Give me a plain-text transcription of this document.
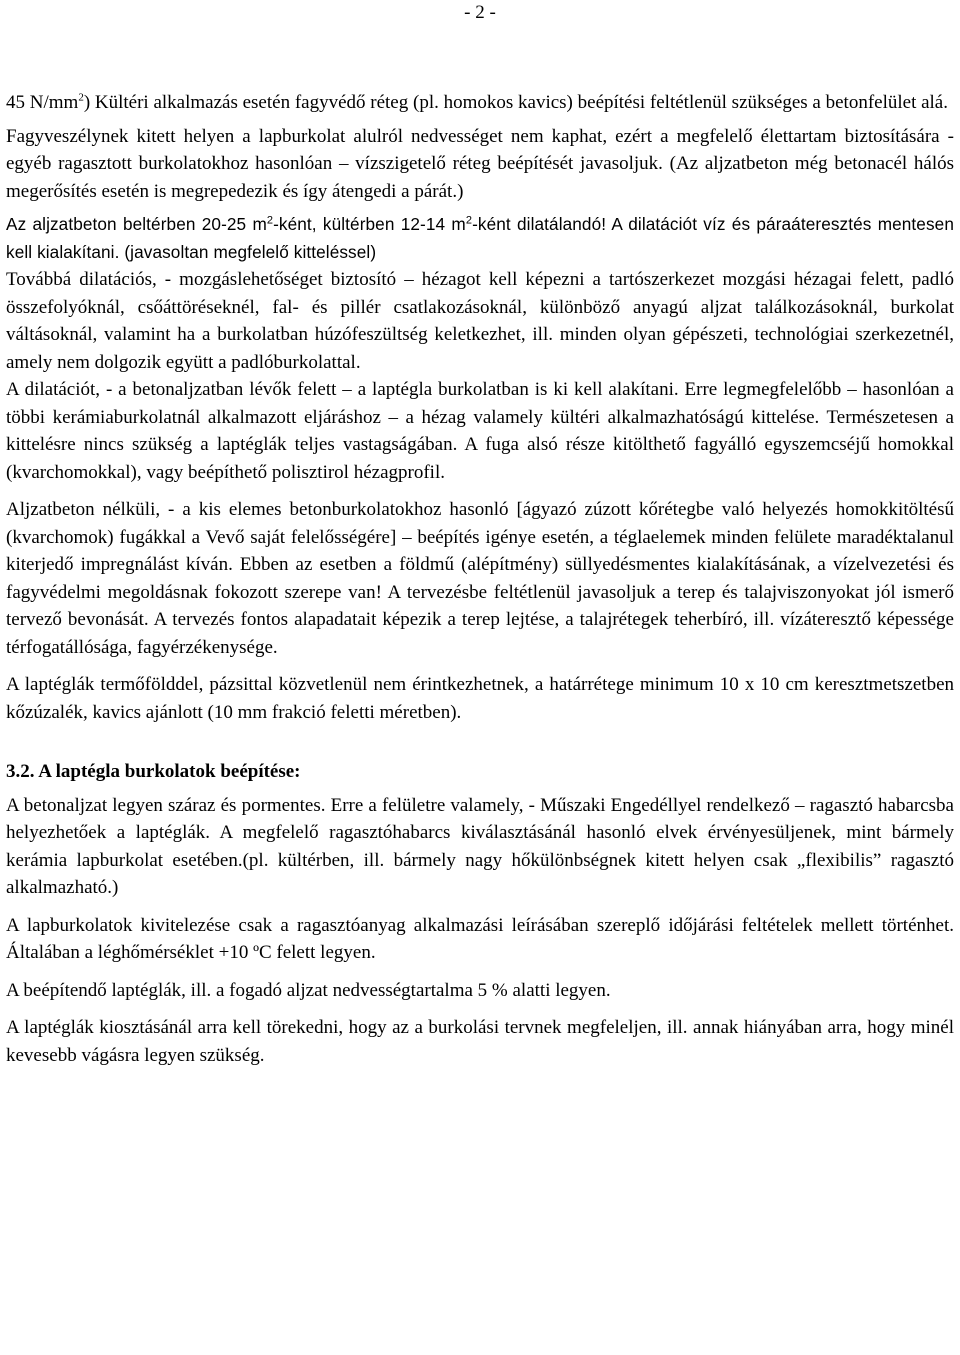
- 2 -

45 $N/mm^2$) Kültéri alkalmazás esetén fagyvédő réteg (pl. homokos kavics) beépítési feltétlenül szükséges a betonfelület alá.

Fagyveszélynek kitett helyen a lapburkolat alulról nedvességet nem kaphat, ezért a megfelelő élettartam biztosítására - egyéb ragasztott burkolatokhoz hasonlóan – vízszigetelő réteg beépítését javasoljuk. (Az aljzatbeton még betonacél hálós megerősítés esetén is megrepedezik és így átengedi a párát.)

Az aljzatbeton beltérben 20-25 $m^2$-ként, kültérben 12-14 $m^2$-ként dilatálandó! A dilatációt víz és páraáteresztés mentesen kell kialakítani. (javasoltan megfelelő kitteléssel)

Továbbá dilatációs, - mozgáslehetőséget biztosító – hézagot kell képezni a tartószerkezet mozgási hézagai felett, padló összefolyóknál, csőáttöréseknél, fal- és pillér csatlakozásoknál, különböző anyagú aljzat találkozásoknál, burkolat váltásoknál, valamint ha a burkolatban húzófeszültség keletkezhet, ill. minden olyan gépészeti, technológiai szerkezetnél, amely nem dolgozik együtt a padlóburkolattal.

A dilatációt, - a betonaljzatban lévők felett – a laptégla burkolatban is ki kell alakítani. Erre legmegfelelőbb – hasonlóan a többi kerámiaburkolatnál alkalmazott eljáráshoz – a hézag valamely kültéri alkalmazhatóságú kittelése. Természetesen a kittelésre nincs szükség a laptéglák teljes vastagságában. A fuga alsó része kitölthető fagyálló egyszemcséjű homokkal (kvarchomokkal), vagy beépíthető polisztirol hézagprofil.

Aljzatbeton nélküli, - a kis elemes betonburkolatokhoz hasonló [ágyazó zúzott kőrétegbe való helyezés homokkitöltésű (kvarchomok) fugákkal a Vevő saját felelősségére] – beépítés igénye esetén, a téglaelemek minden felülete maradéktalanul kiterjedő impregnálást kíván. Ebben az esetben a földmű (alépítmény) süllyedésmentes kialakításának, a vízelvezetési és fagyvédelmi megoldásnak fokozott szerepe van! A tervezésbe feltétlenül javasoljuk a terep és talajviszonyokat jól ismerő tervező bevonását. A tervezés fontos alapadatait képezik a terep lejtése, a talajrétegek teherbíró, ill. vízáteresztő képessége térfogatállósága, fagyérzékenysége.

A laptéglák termőfölddel, pázsittal közvetlenül nem érintkezhetnek, a határrétege minimum 10 x 10 cm keresztmetszetben kőzúzalék, kavics ajánlott (10 mm frakció feletti méretben).

3.2. A laptégla burkolatok beépítése:

A betonaljzat legyen száraz és pormentes. Erre a felületre valamely, - Műszaki Engedéllyel rendelkező – ragasztó habarcsba helyezhetőek a laptéglák. A megfelelő ragasztóhabarcs kiválasztásánál hasonló elvek érvényesüljenek, mint bármely kerámia lapburkolat esetében.(pl. kültérben, ill. bármely nagy hőkülönbségnek kitett helyen csak „flexibilis” ragasztó alkalmazható.)

A lapburkolatok kivitelezése csak a ragasztóanyag alkalmazási leírásában szereplő időjárási feltételek mellett történhet. Általában a léghőmérséklet +10 ºC felett legyen.

A beépítendő laptéglák, ill. a fogadó aljzat nedvességtartalma 5 % alatti legyen.

A laptéglák kiosztásánál arra kell törekedni, hogy az a burkolási tervnek megfeleljen, ill. annak hiányában arra, hogy minél kevesebb vágásra legyen szükség.
